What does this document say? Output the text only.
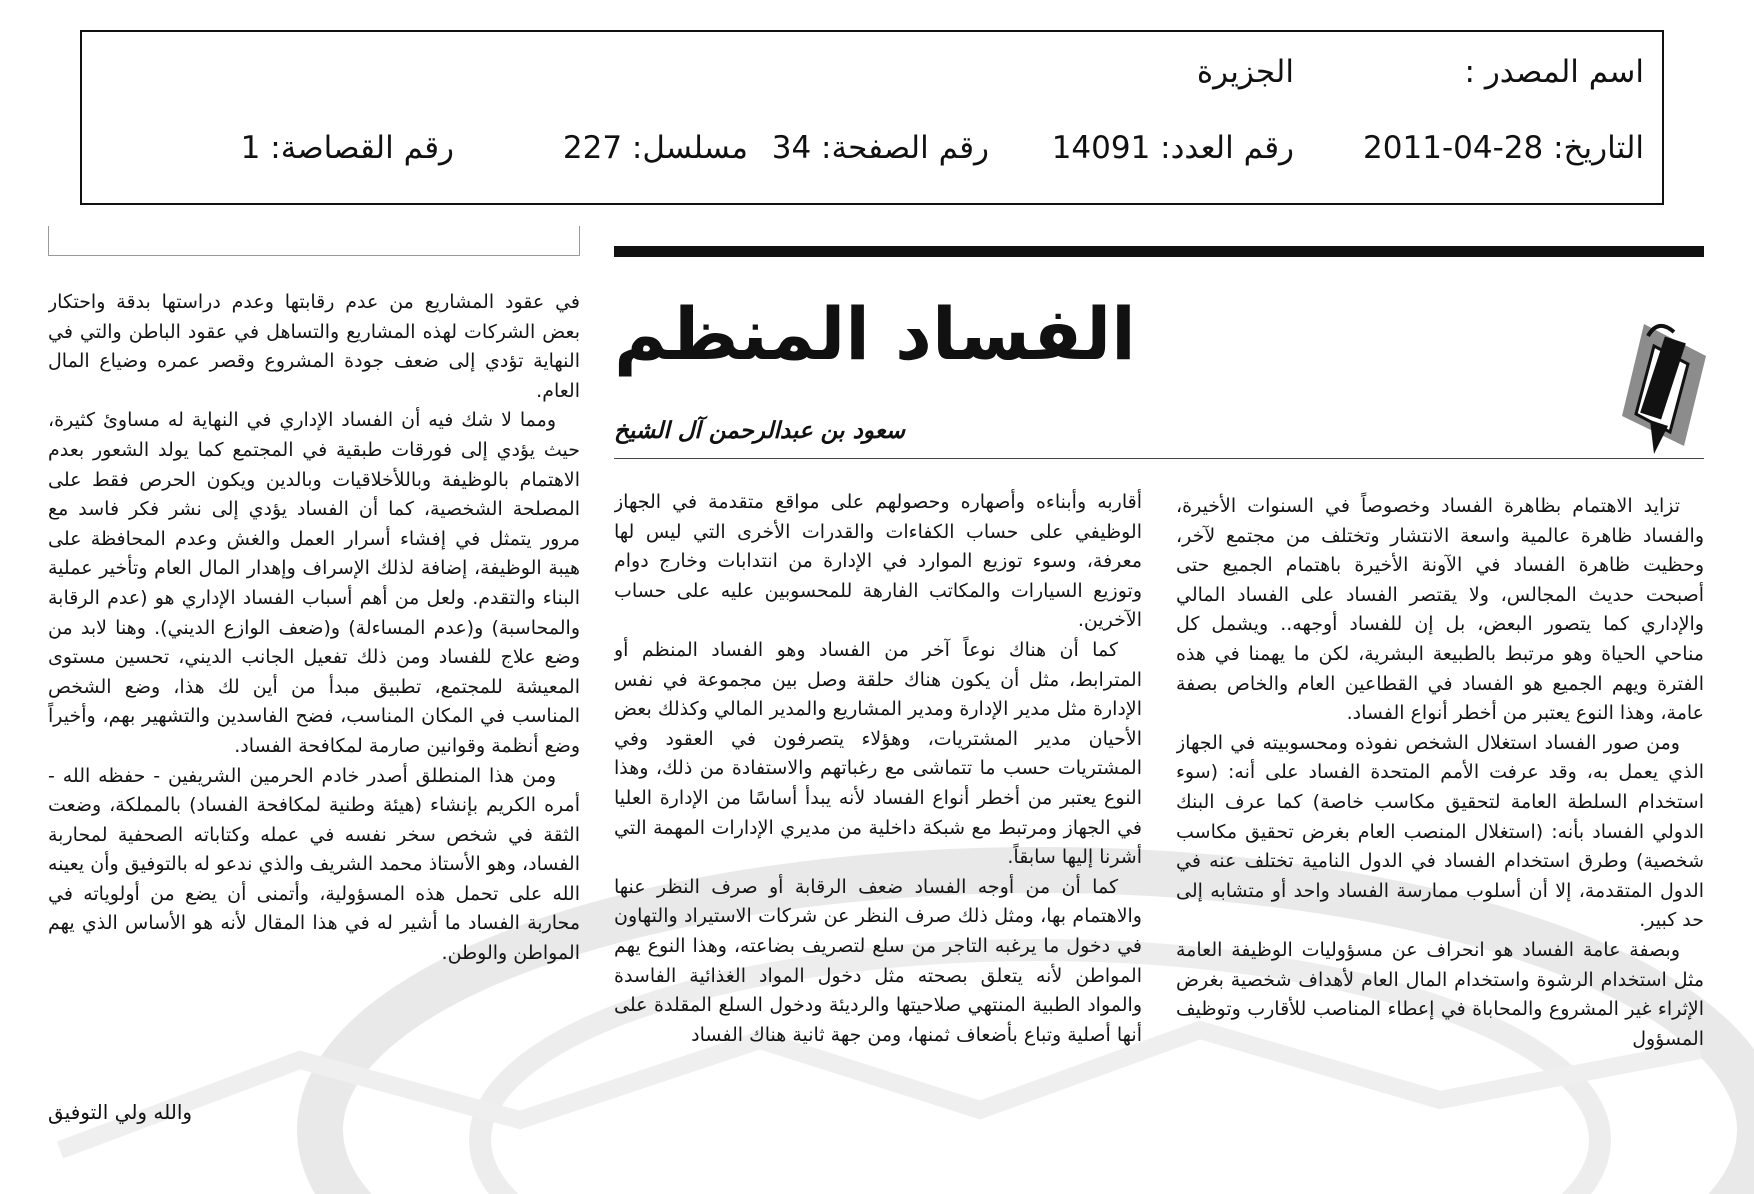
اسم المصدر :
الجزيرة
التاريخ: 28-04-2011
رقم العدد: 14091
رقم الصفحة: 34
مسلسل: 227
رقم القصاصة: 1
الفساد المنظم
سعود بن عبدالرحمن آل الشيخ

تزايد الاهتمام بظاهرة الفساد وخصوصاً في السنوات الأخيرة، والفساد ظاهرة عالمية واسعة الانتشار وتختلف من مجتمع لآخر، وحظيت ظاهرة الفساد في الآونة الأخيرة باهتمام الجميع حتى أصبحت حديث المجالس، ولا يقتصر الفساد على الفساد المالي والإداري كما يتصور البعض، بل إن للفساد أوجهه.. ويشمل كل مناحي الحياة وهو مرتبط بالطبيعة البشرية، لكن ما يهمنا في هذه الفترة ويهم الجميع هو الفساد في القطاعين العام والخاص بصفة عامة، وهذا النوع يعتبر من أخطر أنواع الفساد.

ومن صور الفساد استغلال الشخص نفوذه ومحسوبيته في الجهاز الذي يعمل به، وقد عرفت الأمم المتحدة الفساد على أنه: (سوء استخدام السلطة العامة لتحقيق مكاسب خاصة) كما عرف البنك الدولي الفساد بأنه: (استغلال المنصب العام بغرض تحقيق مكاسب شخصية) وطرق استخدام الفساد في الدول النامية تختلف عنه في الدول المتقدمة، إلا أن أسلوب ممارسة الفساد واحد أو متشابه إلى حد كبير.

وبصفة عامة الفساد هو انحراف عن مسؤوليات الوظيفة العامة مثل استخدام الرشوة واستخدام المال العام لأهداف شخصية بغرض الإثراء غير المشروع والمحاباة في إعطاء المناصب للأقارب وتوظيف المسؤول

أقاربه وأبناءه وأصهاره وحصولهم على مواقع متقدمة في الجهاز الوظيفي على حساب الكفاءات والقدرات الأخرى التي ليس لها معرفة، وسوء توزيع الموارد في الإدارة من انتدابات وخارج دوام وتوزيع السيارات والمكاتب الفارهة للمحسوبين عليه على حساب الآخرين.

كما أن هناك نوعاً آخر من الفساد وهو الفساد المنظم أو المترابط، مثل أن يكون هناك حلقة وصل بين مجموعة في نفس الإدارة مثل مدير الإدارة ومدير المشاريع والمدير المالي وكذلك بعض الأحيان مدير المشتريات، وهؤلاء يتصرفون في العقود وفي المشتريات حسب ما تتماشى مع رغباتهم والاستفادة من ذلك، وهذا النوع يعتبر من أخطر أنواع الفساد لأنه يبدأ أساسًا من الإدارة العليا في الجهاز ومرتبط مع شبكة داخلية من مديري الإدارات المهمة التي أشرنا إليها سابقاً.

كما أن من أوجه الفساد ضعف الرقابة أو صرف النظر عنها والاهتمام بها، ومثل ذلك صرف النظر عن شركات الاستيراد والتهاون في دخول ما يرغبه التاجر من سلع لتصريف بضاعته، وهذا النوع يهم المواطن لأنه يتعلق بصحته مثل دخول المواد الغذائية الفاسدة والمواد الطبية المنتهي صلاحيتها والرديئة ودخول السلع المقلدة على أنها أصلية وتباع بأضعاف ثمنها، ومن جهة ثانية هناك الفساد

في عقود المشاريع من عدم رقابتها وعدم دراستها بدقة واحتكار بعض الشركات لهذه المشاريع والتساهل في عقود الباطن والتي في النهاية تؤدي إلى ضعف جودة المشروع وقصر عمره وضياع المال العام.

ومما لا شك فيه أن الفساد الإداري في النهاية له مساوئ كثيرة، حيث يؤدي إلى فورقات طبقية في المجتمع كما يولد الشعور بعدم الاهتمام بالوظيفة وباللأخلاقيات وبالدين ويكون الحرص فقط على المصلحة الشخصية، كما أن الفساد يؤدي إلى نشر فكر فاسد مع مرور يتمثل في إفشاء أسرار العمل والغش وعدم المحافظة على هيبة الوظيفة، إضافة لذلك الإسراف وإهدار المال العام وتأخير عملية البناء والتقدم. ولعل من أهم أسباب الفساد الإداري هو (عدم الرقابة والمحاسبة) و(عدم المساءلة) و(ضعف الوازع الديني). وهنا لابد من وضع علاج للفساد ومن ذلك تفعيل الجانب الديني، تحسين مستوى المعيشة للمجتمع، تطبيق مبدأ من أين لك هذا، وضع الشخص المناسب في المكان المناسب، فضح الفاسدين والتشهير بهم، وأخيراً وضع أنظمة وقوانين صارمة لمكافحة الفساد.

ومن هذا المنطلق أصدر خادم الحرمين الشريفين - حفظه الله - أمره الكريم بإنشاء (هيئة وطنية لمكافحة الفساد) بالمملكة، وضعت الثقة في شخص سخر نفسه في عمله وكتاباته الصحفية لمحاربة الفساد، وهو الأستاذ محمد الشريف والذي ندعو له بالتوفيق وأن يعينه الله على تحمل هذه المسؤولية، وأتمنى أن يضع من أولوياته في محاربة الفساد ما أشير له في هذا المقال لأنه هو الأساس الذي يهم المواطن والوطن.

والله ولي التوفيق
